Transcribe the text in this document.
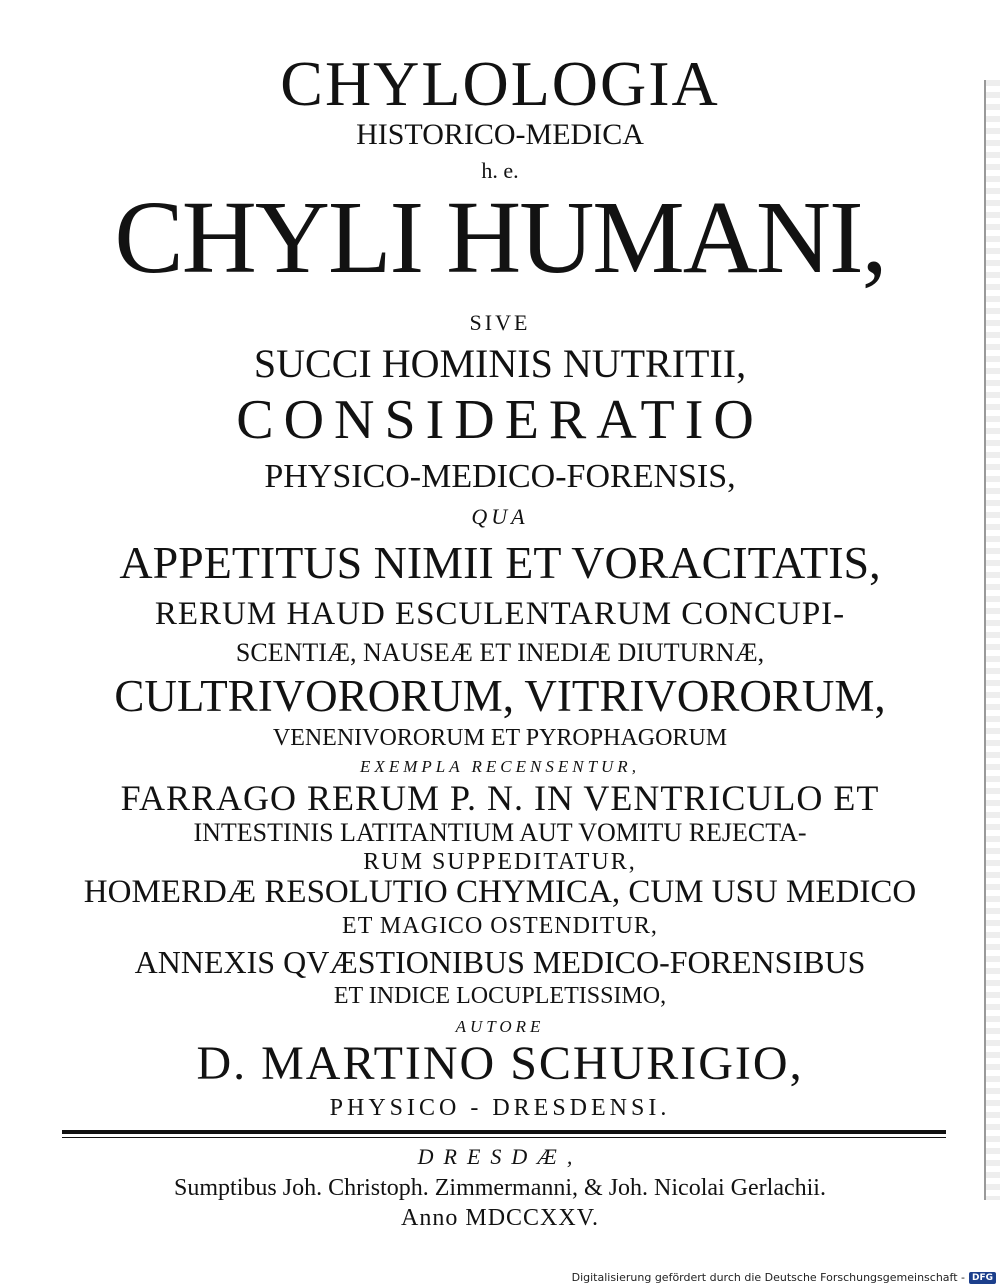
CHYLOLOGIA
HISTORICO-MEDICA
h. e.
CHYLI HUMANI,
SIVE
SUCCI HOMINIS NUTRITII,
CONSIDERATIO
PHYSICO-MEDICO-FORENSIS,
QUA
APPETITUS NIMII ET VORACITATIS,
RERUM HAUD ESCULENTARUM CONCUPI-
SCENTIÆ, NAUSEÆ ET INEDIÆ DIUTURNÆ,
CULTRIVORORUM, VITRIVORORUM,
VENENIVORORUM ET PYROPHAGORUM
EXEMPLA RECENSENTUR,
FARRAGO RERUM P. N. IN VENTRICULO ET
INTESTINIS LATITANTIUM AUT VOMITU REJECTA-
RUM SUPPEDITATUR,
HOMERDÆ RESOLUTIO CHYMICA, CUM USU MEDICO
ET MAGICO OSTENDITUR,
ANNEXIS QVÆSTIONIBUS MEDICO-FORENSIBUS
ET INDICE LOCUPLETISSIMO,
AUTORE
D. MARTINO SCHURIGIO,
PHYSICO - DRESDENSI.
DRESDÆ,
Sumptibus Joh. Christoph. Zimmermanni, & Joh. Nicolai Gerlachii.
Anno MDCCXXV.
Digitalisierung gefördert durch die Deutsche Forschungsgemeinschaft - DFG
